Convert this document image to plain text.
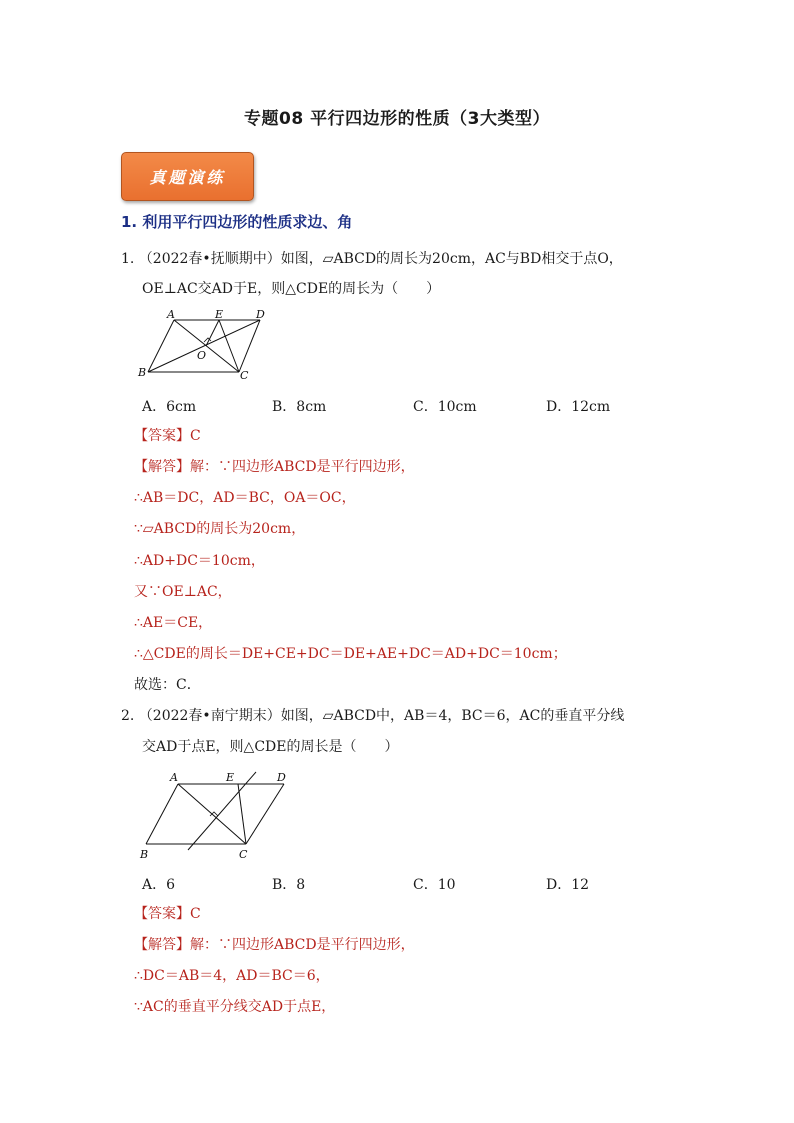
专题08 平行四边形的性质（3大类型）
真题演练
1. 利用平行四边形的性质求边、角
1. （2022春•抚顺期中）如图，▱ABCD的周长为20cm，AC与BD相交于点O，
OE⊥AC交AD于E，则△CDE的周长为（　　）
A	E	D
O
B	C
A．6cm	B．8cm	C．10cm	D．12cm
【答案】C
【解答】解：∵四边形ABCD是平行四边形，
∴AB＝DC，AD＝BC，OA＝OC，
∵▱ABCD的周长为20cm，
∴AD+DC＝10cm，
又∵OE⊥AC，
∴AE＝CE，
∴△CDE的周长＝DE+CE+DC＝DE+AE+DC＝AD+DC＝10cm；
故选：C．
2. （2022春•南宁期末）如图，▱ABCD中，AB＝4，BC＝6，AC的垂直平分线
交AD于点E，则△CDE的周长是（　　）
A	E	D
B	C
A．6	B．8	C．10	D．12
【答案】C
【解答】解：∵四边形ABCD是平行四边形，
∴DC＝AB＝4，AD＝BC＝6，
∵AC的垂直平分线交AD于点E，
